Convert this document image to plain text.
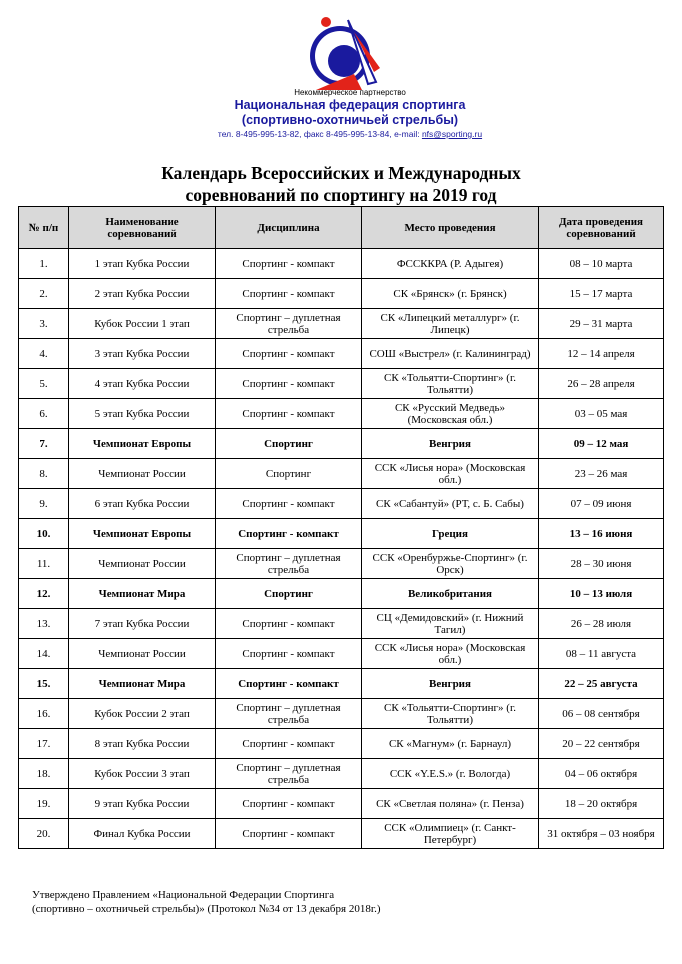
Некоммерческое партнерство
Национальная федерация спортинга
(спортивно-охотничьей стрельбы)
тел. 8-495-995-13-82, факс 8-495-995-13-84, e-mail: nfs@sporting.ru
Календарь Всероссийских и Международных
соревнований по спортингу на 2019 год
№ п/п	Наименование соревнований	Дисциплина	Место проведения	Дата проведения соревнований
1.	1 этап Кубка России	Спортинг - компакт	ФССККРА (Р. Адыгея)	08 – 10 марта
2.	2 этап Кубка России	Спортинг - компакт	СК «Брянск» (г. Брянск)	15 – 17 марта
3.	Кубок России 1 этап	Спортинг – дуплетная стрельба	СК «Липецкий металлург» (г. Липецк)	29 – 31 марта
4.	3 этап Кубка России	Спортинг - компакт	СОШ «Выстрел» (г. Калининград)	12 – 14 апреля
5.	4 этап Кубка России	Спортинг - компакт	СК «Тольятти-Спортинг» (г. Тольятти)	26 – 28 апреля
6.	5 этап Кубка России	Спортинг - компакт	СК «Русский Медведь» (Московская обл.)	03 – 05 мая
7.	Чемпионат Европы	Спортинг	Венгрия	09 – 12 мая
8.	Чемпионат России	Спортинг	ССК «Лисья нора» (Московская обл.)	23 – 26 мая
9.	6 этап Кубка России	Спортинг - компакт	СК «Сабантуй» (РТ, с. Б. Сабы)	07 – 09 июня
10.	Чемпионат Европы	Спортинг - компакт	Греция	13 – 16 июня
11.	Чемпионат России	Спортинг – дуплетная стрельба	ССК «Оренбуржье-Спортинг» (г. Орск)	28 – 30 июня
12.	Чемпионат Мира	Спортинг	Великобритания	10 – 13 июля
13.	7 этап Кубка России	Спортинг - компакт	СЦ «Демидовский» (г. Нижний Тагил)	26 – 28 июля
14.	Чемпионат России	Спортинг - компакт	ССК «Лисья нора» (Московская обл.)	08 – 11 августа
15.	Чемпионат Мира	Спортинг - компакт	Венгрия	22 – 25 августа
16.	Кубок России 2 этап	Спортинг – дуплетная стрельба	СК «Тольятти-Спортинг» (г. Тольятти)	06 – 08 сентября
17.	8 этап Кубка России	Спортинг - компакт	СК «Магнум» (г. Барнаул)	20 – 22 сентября
18.	Кубок России 3 этап	Спортинг – дуплетная стрельба	ССК «Y.E.S.» (г. Вологда)	04 – 06 октября
19.	9 этап Кубка России	Спортинг - компакт	СК «Светлая поляна» (г. Пенза)	18 – 20 октября
20.	Финал Кубка России	Спортинг - компакт	ССК «Олимпиец» (г. Санкт-Петербург)	31 октября – 03 ноября
Утверждено Правлением «Национальной Федерации Спортинга
(спортивно – охотничьей стрельбы)» (Протокол №34 от 13 декабря 2018г.)
